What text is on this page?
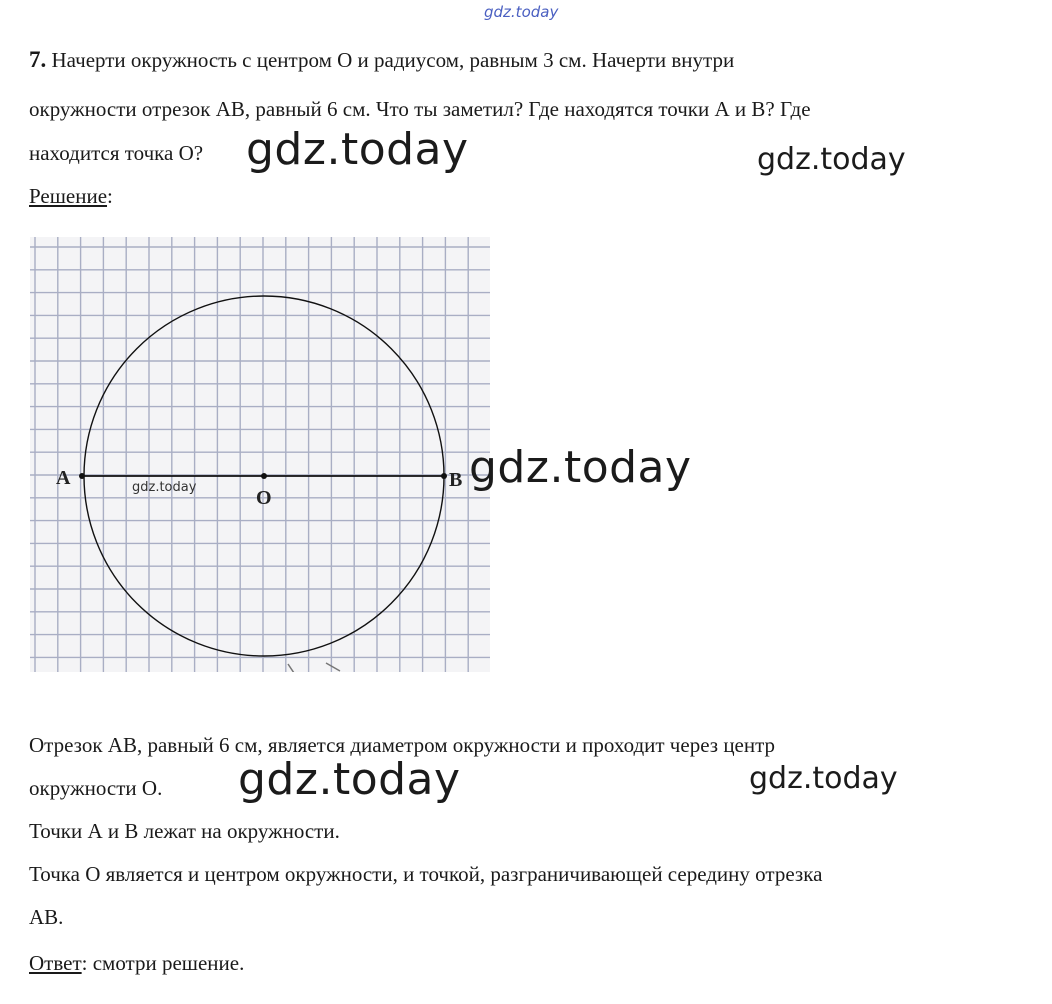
gdz.today
7. Начерти окружность с центром О и радиусом, равным 3 см. Начерти внутри
окружности отрезок АВ, равный 6 см. Что ты заметил? Где находятся точки А и В? Где
находится точка О? gdz.today	gdz.today
Решение:
А
О
В
gdz.today	gdz.today
Отрезок АВ, равный 6 см, является диаметром окружности и проходит через центр
окружности О. gdz.today	gdz.today
Точки А и В лежат на окружности.
Точка О является и центром окружности, и точкой, разграничивающей середину отрезка
АВ.
Ответ: смотри решение.
